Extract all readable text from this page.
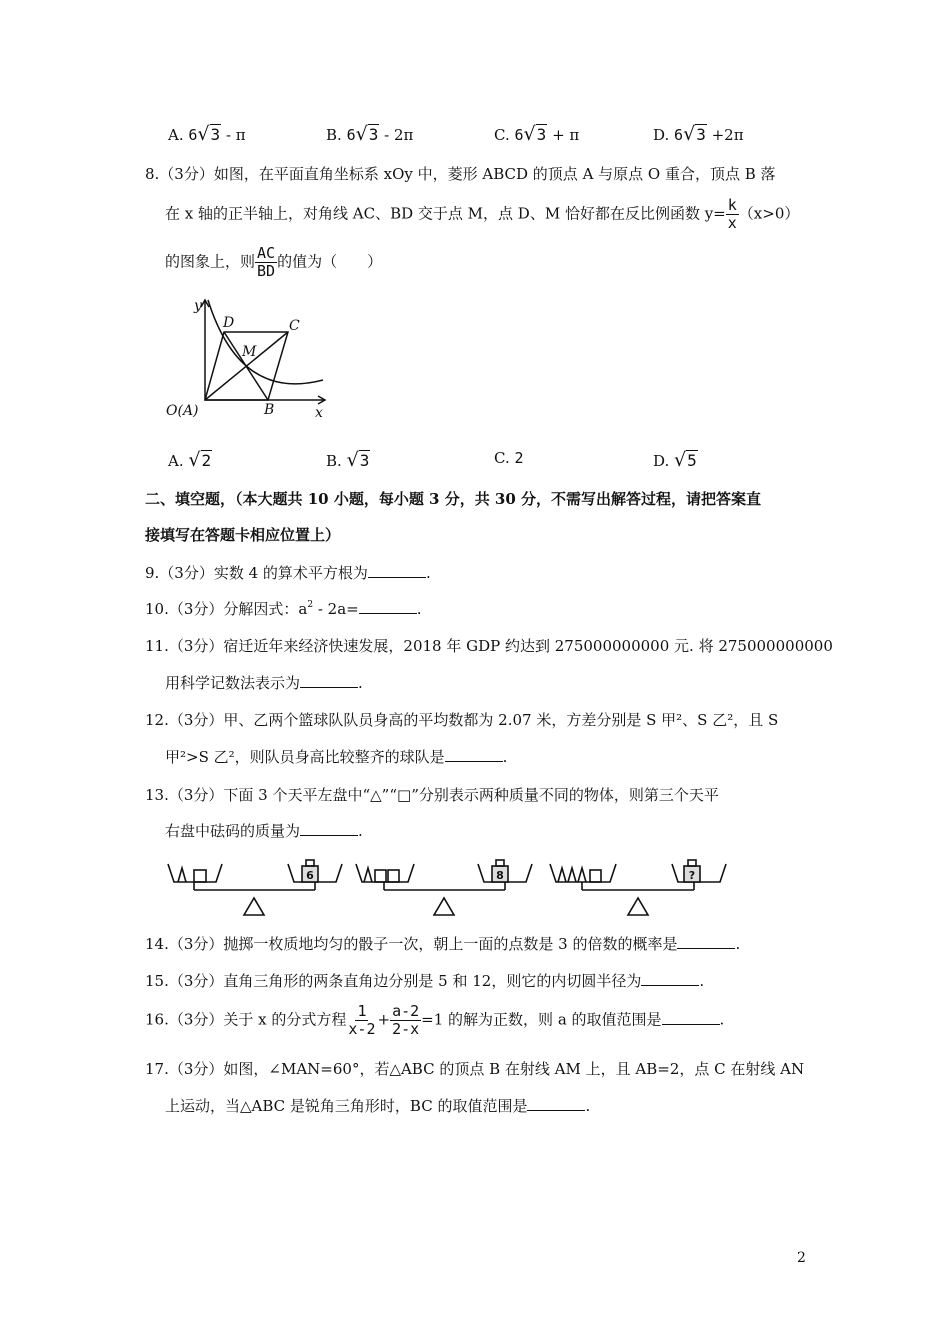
A. 6√3 - π	B. 6√3 - 2π	C. 6√3 + π	D. 6√3 +2π
8.（3分）如图，在平面直角坐标系 xOy 中，菱形 ABCD 的顶点 A 与原点 O 重合，顶点 B 落
在 x 轴的正半轴上，对角线 AC、BD 交于点 M，点 D、M 恰好都在反比例函数 $y= \frac{k}{x} (x>0)$
的图象上，则 $\frac{AC}{BD}$ 的值为（　　）
y
x
O(A)
D	C
M
B
A. √2	B. √3	C. 2	D. √5
二、填空题，（本大题共 10 小题，每小题 3 分，共 30 分，不需写出解答过程，请把答案直
接填写在答题卡相应位置上）
9.（3分）实数 4 的算术平方根为	.
10.（3分）分解因式：$a^2 - 2a=$	.
11.（3分）宿迁近年来经济快速发展，2018 年 GDP 约达到 275000000000 元. 将 275000000000
用科学记数法表示为	.
12.（3分）甲、乙两个篮球队队员身高的平均数都为 2.07 米，方差分别是 S 甲²、S 乙²，且 S
甲²>S 乙²，则队员身高比较整齐的球队是	.
13.（3分）下面 3 个天平左盘中“△”“□”分别表示两种质量不同的物体，则第三个天平
右盘中砝码的质量为	.
6	8	?
14.（3分）抛掷一枚质地均匀的骰子一次，朝上一面的点数是 3 的倍数的概率是	.
15.（3分）直角三角形的两条直角边分别是 5 和 12，则它的内切圆半径为	.
16.（3分）关于 x 的分式方程 $\frac{1}{x-2} + \frac{a-2}{2-x} =1$ 的解为正数，则 a 的取值范围是	.
17.（3分）如图，∠MAN=60°，若△ABC 的顶点 B 在射线 AM 上，且 AB=2，点 C 在射线 AN
上运动，当△ABC 是锐角三角形时，BC 的取值范围是	.
2
